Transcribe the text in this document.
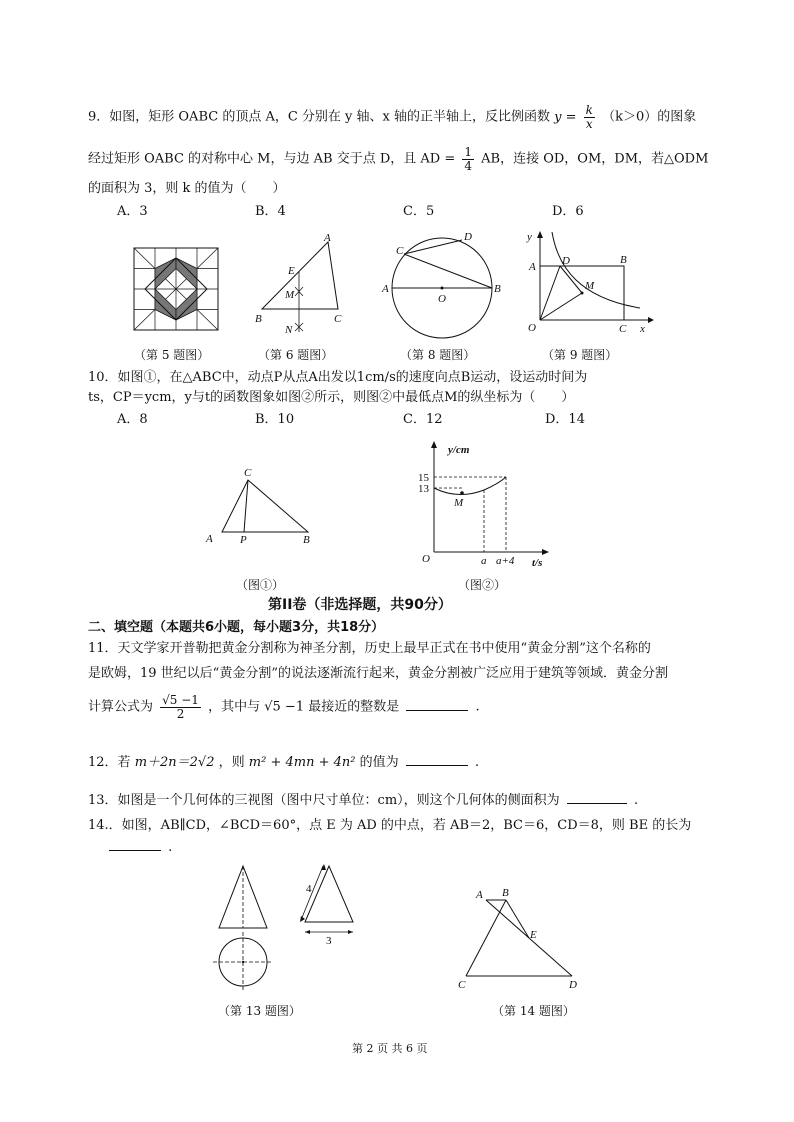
9．如图，矩形 OABC 的顶点 A，C 分别在 y 轴、x 轴的正半轴上，反比例函数 $y = \frac{k}{x} (k>0)$的图象
经过矩形 OABC 的对称中心 M，与边 AB 交于点 D，且 AD = $\frac{1}{4}$ AB，连接 OD，OM，DM，若△ODM
的面积为 3，则 k 的值为（　　）
A．3	B．4	C．5	D．6
A
E
M
B	C
N
C
D
A
O
B
y
A D	B
M
O	C x
（第 5 题图）	（第 6 题图）	（第 8 题图）	（第 9 题图）
10．如图①，在△ABC中，动点P从点A出发以1cm/s的速度向点B运动，设运动时间为
ts，CP＝ycm，y与t的函数图象如图②所示，则图②中最低点M的纵坐标为（　　）
A．8	B．10	C．12	D．14
C
A P	B
y/cm
15
13
M
O	a a+4 t/s
（图①）	（图②）
第II卷（非选择题，共90分）
二、填空题（本题共6小题，每小题3分，共18分）
11．天文学家开普勒把黄金分割称为神圣分割，历史上最早正式在书中使用“黄金分割”这个名称的
是欧姆，19 世纪以后“黄金分割”的说法逐渐流行起来，黄金分割被广泛应用于建筑等领域．黄金分割
计算公式为 $\frac{√5 -1}{2}$ ，其中与 √5 −1 最接近的整数是	.
12．若 m＋2n＝2√2 ，则 m² + 4mn + 4n² 的值为	.
13．如图是一个几何体的三视图（图中尺寸单位：cm），则这个几何体的侧面积为	.
14.．如图，AB∥CD，∠BCD＝60°，点 E 为 AD 的中点，若 AB＝2，BC＝6，CD＝8，则 BE 的长为
.
4
3
A B
E
C	D
（第 13 题图）	（第 14 题图）
第 2 页 共 6 页
